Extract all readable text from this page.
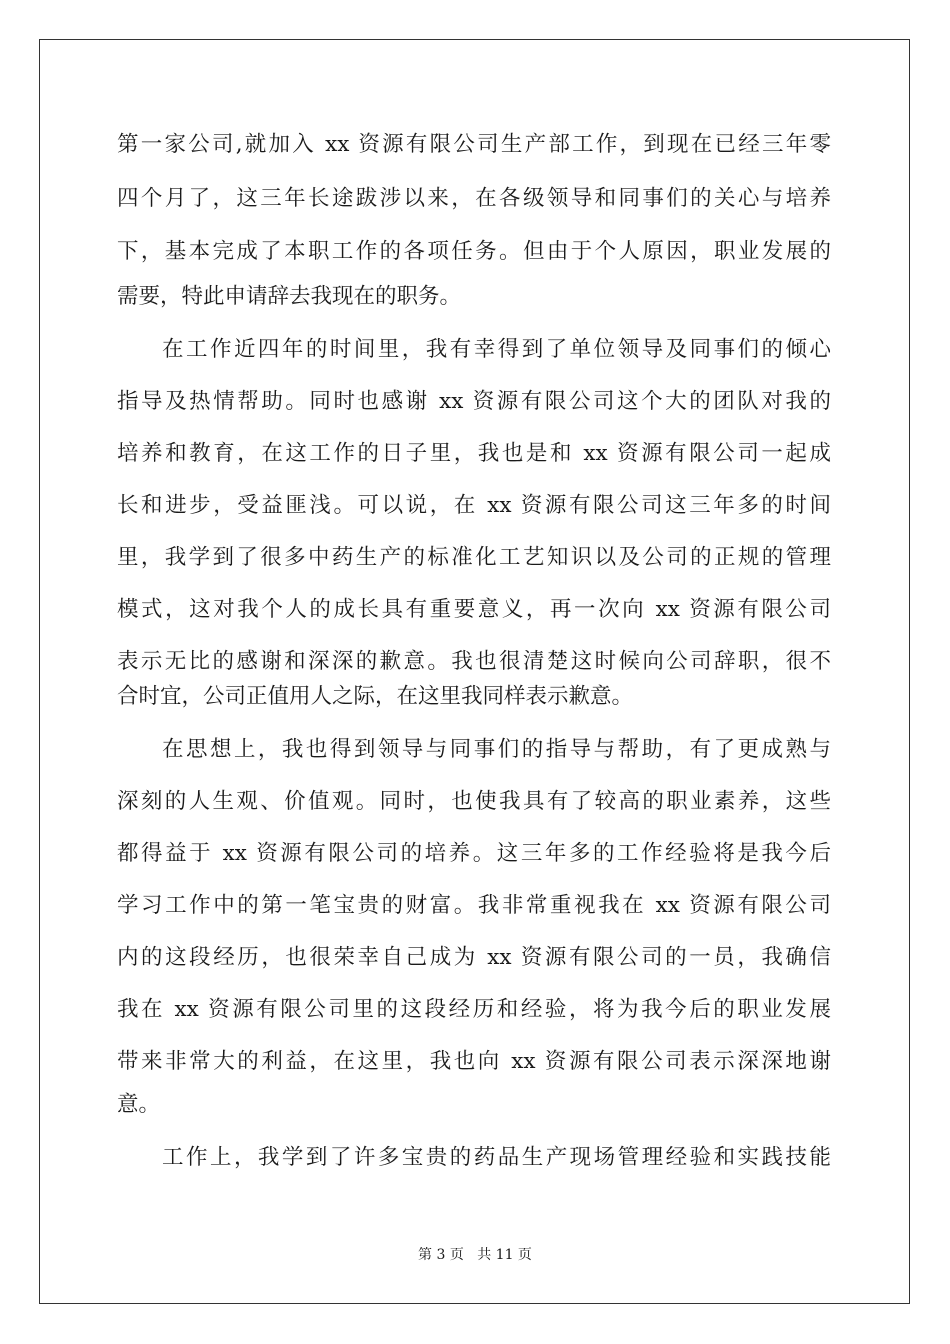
第一家公司,就加入 xx 资源有限公司生产部工作，到现在已经三年零
四个月了，这三年长途跋涉以来，在各级领导和同事们的关心与培养
下，基本完成了本职工作的各项任务。但由于个人原因，职业发展的
需要，特此申请辞去我现在的职务。
在工作近四年的时间里，我有幸得到了单位领导及同事们的倾心
指导及热情帮助。同时也感谢 xx 资源有限公司这个大的团队对我的
培养和教育，在这工作的日子里，我也是和 xx 资源有限公司一起成
长和进步，受益匪浅。可以说，在 xx 资源有限公司这三年多的时间
里，我学到了很多中药生产的标准化工艺知识以及公司的正规的管理
模式，这对我个人的成长具有重要意义，再一次向 xx 资源有限公司
表示无比的感谢和深深的歉意。我也很清楚这时候向公司辞职，很不
合时宜，公司正值用人之际，在这里我同样表示歉意。
在思想上，我也得到领导与同事们的指导与帮助，有了更成熟与
深刻的人生观、价值观。同时，也使我具有了较高的职业素养，这些
都得益于 xx 资源有限公司的培养。这三年多的工作经验将是我今后
学习工作中的第一笔宝贵的财富。我非常重视我在 xx 资源有限公司
内的这段经历，也很荣幸自己成为 xx 资源有限公司的一员，我确信
我在 xx 资源有限公司里的这段经历和经验，将为我今后的职业发展
带来非常大的利益，在这里，我也向 xx 资源有限公司表示深深地谢
意。
工作上，我学到了许多宝贵的药品生产现场管理经验和实践技能
第 3 页 共 11 页
